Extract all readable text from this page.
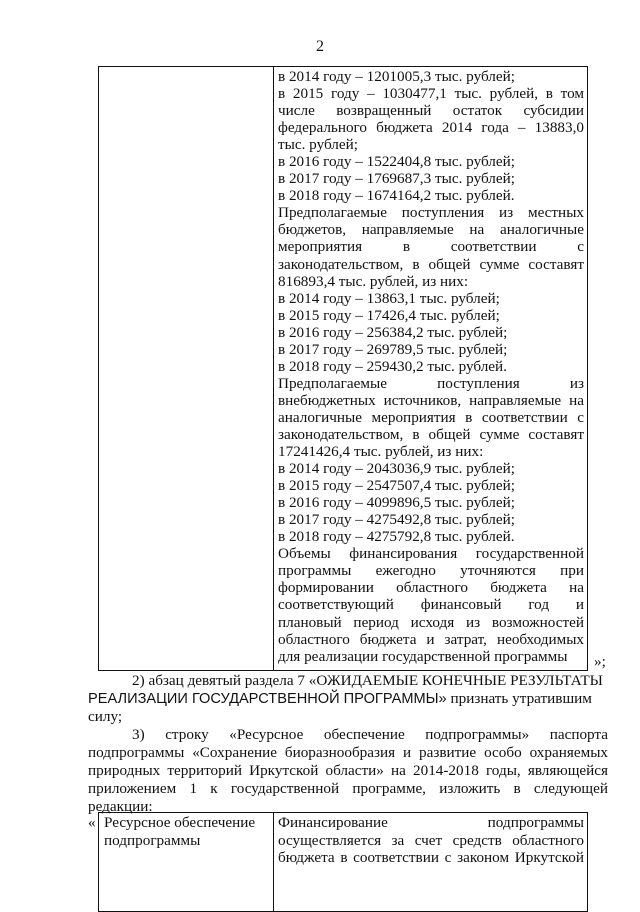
2
в 2014 году – 1201005,3 тыс. рублей;
в 2015 году – 1030477,1 тыс. рублей, в том
числе возвращенный остаток субсидии
федерального бюджета 2014 года – 13883,0
тыс. рублей;
в 2016 году – 1522404,8 тыс. рублей;
в 2017 году – 1769687,3 тыс. рублей;
в 2018 году – 1674164,2 тыс. рублей.
Предполагаемые поступления из местных
бюджетов, направляемые на аналогичные
мероприятия в соответствии с
законодательством, в общей сумме составят
816893,4 тыс. рублей, из них:
в 2014 году – 13863,1 тыс. рублей;
в 2015 году – 17426,4 тыс. рублей;
в 2016 году – 256384,2 тыс. рублей;
в 2017 году – 269789,5 тыс. рублей;
в 2018 году – 259430,2 тыс. рублей.
Предполагаемые поступления из
внебюджетных источников, направляемые на
аналогичные мероприятия в соответствии с
законодательством, в общей сумме составят
17241426,4 тыс. рублей, из них:
в 2014 году – 2043036,9 тыс. рублей;
в 2015 году – 2547507,4 тыс. рублей;
в 2016 году – 4099896,5 тыс. рублей;
в 2017 году – 4275492,8 тыс. рублей;
в 2018 году – 4275792,8 тыс. рублей.
Объемы финансирования государственной
программы ежегодно уточняются при
формировании областного бюджета на
соответствующий финансовый год и
плановый период исходя из возможностей
областного бюджета и затрат, необходимых
для реализации государственной программы	»;
2) абзац девятый раздела 7 «ОЖИДАЕМЫЕ КОНЕЧНЫЕ РЕЗУЛЬТАТЫ
РЕАЛИЗАЦИИ ГОСУДАРСТВЕННОЙ ПРОГРАММЫ» признать утратившим
силу;
3) строку «Ресурсное обеспечение подпрограммы» паспорта
подпрограммы «Сохранение биоразнообразия и развитие особо охраняемых
природных территорий Иркутской области» на 2014-2018 годы, являющейся
приложением 1 к государственной программе, изложить в следующей
редакции:
« Ресурсное обеспечение
подпрограммы
Финансирование подпрограммы
осуществляется за счет средств областного
бюджета в соответствии с законом Иркутской
